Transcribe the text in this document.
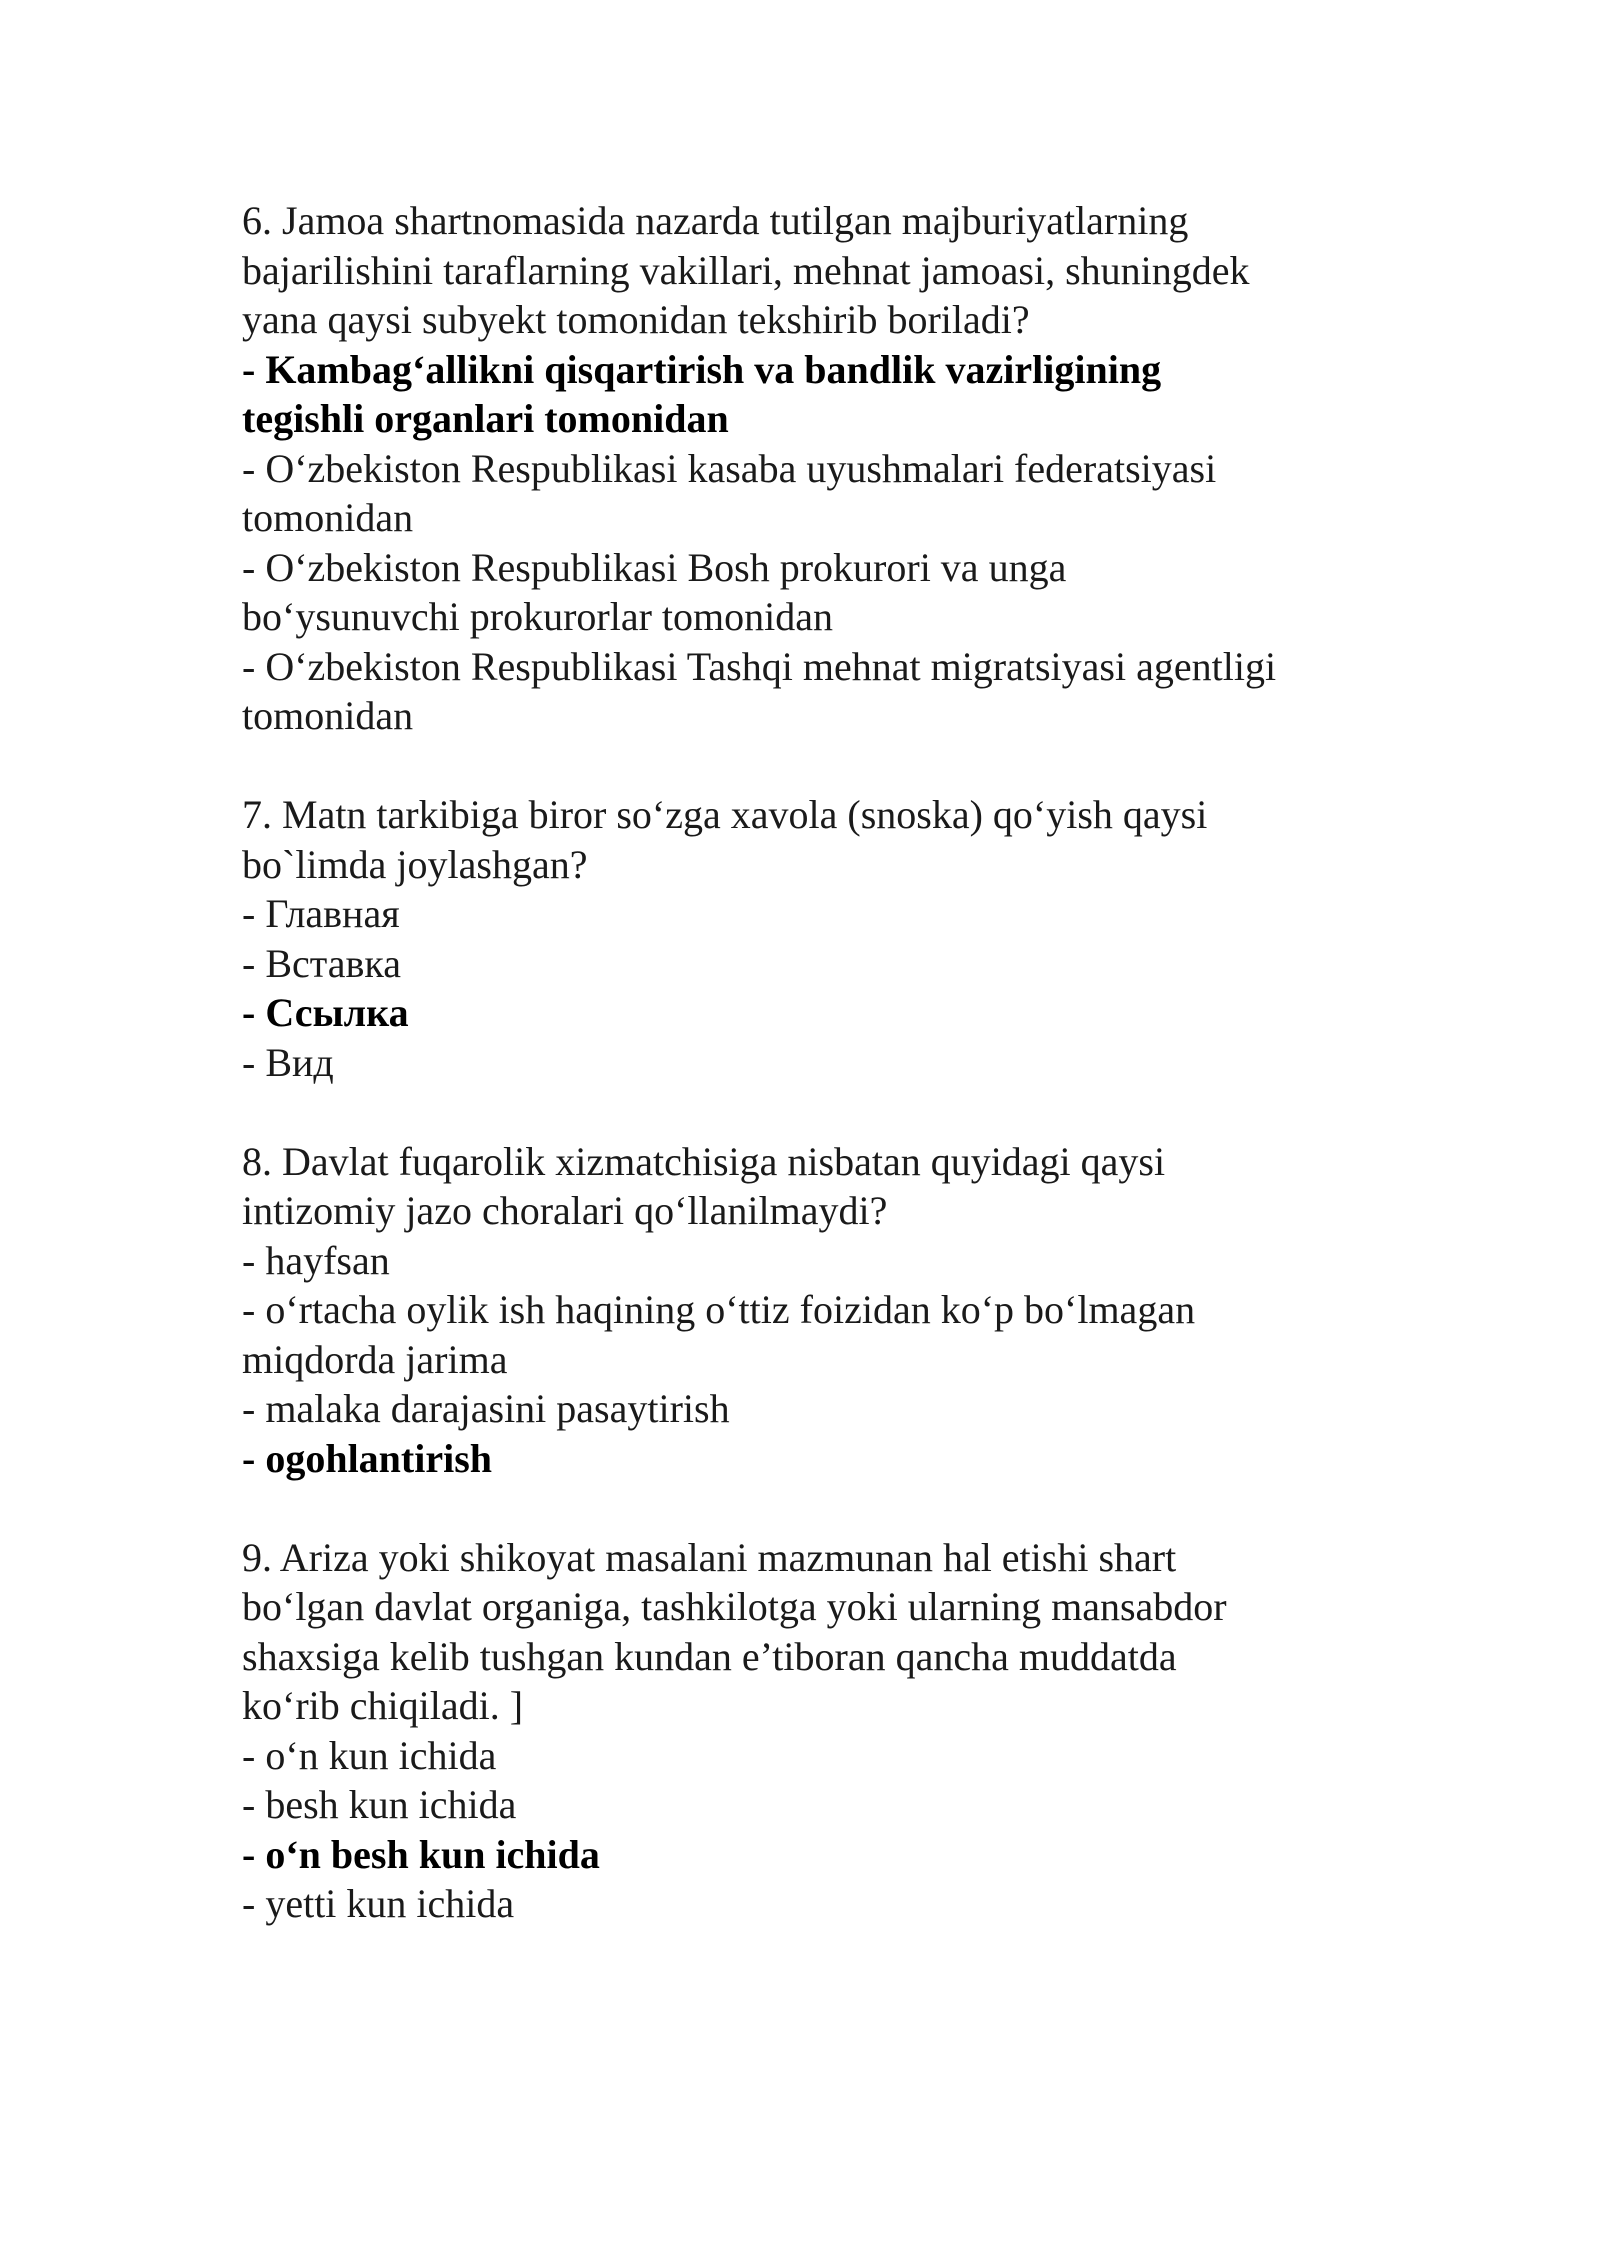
6. Jamoa shartnomasida nazarda tutilgan majburiyatlarning
bajarilishini taraflarning vakillari, mehnat jamoasi, shuningdek
yana qaysi subyekt tomonidan tekshirib boriladi?
- Kambag‘allikni qisqartirish va bandlik vazirligining
tegishli organlari tomonidan
- O‘zbekiston Respublikasi kasaba uyushmalari federatsiyasi
tomonidan
- O‘zbekiston Respublikasi Bosh prokurori va unga
bo‘ysunuvchi prokurorlar tomonidan
- O‘zbekiston Respublikasi Tashqi mehnat migratsiyasi agentligi
tomonidan
7. Matn tarkibiga biror so‘zga xavola (snoska) qo‘yish qaysi
bo`limda joylashgan?
- Главная
- Вставка
- Ссылка
- Вид
8. Davlat fuqarolik xizmatchisiga nisbatan quyidagi qaysi
intizomiy jazo choralari qo‘llanilmaydi?
- hayfsan
- o‘rtacha oylik ish haqining o‘ttiz foizidan ko‘p bo‘lmagan
miqdorda jarima
- malaka darajasini pasaytirish
- ogohlantirish
9. Ariza yoki shikoyat masalani mazmunan hal etishi shart
bo‘lgan davlat organiga, tashkilotga yoki ularning mansabdor
shaxsiga kelib tushgan kundan e’tiboran qancha muddatda
ko‘rib chiqiladi. ]
- o‘n kun ichida
- besh kun ichida
- o‘n besh kun ichida
- yetti kun ichida
